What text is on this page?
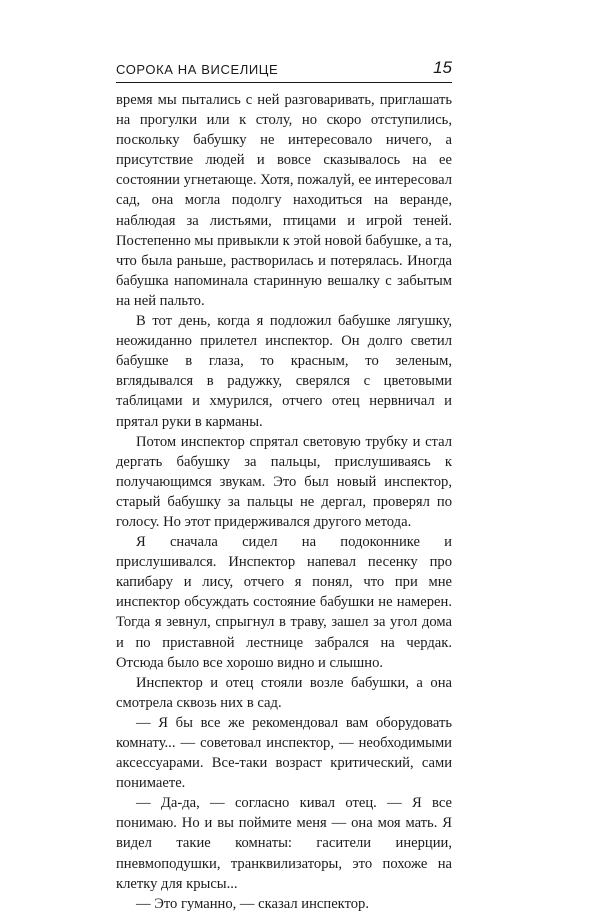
СОРОКА НА ВИСЕЛИЦЕ	15

время мы пытались с ней разговаривать, приглашать на прогулки или к столу, но скоро отступились, поскольку бабушку не интересовало ничего, а присутствие людей и вовсе сказывалось на ее состоянии угнетающе. Хотя, пожалуй, ее интересовал сад, она могла подолгу находиться на веранде, наблюдая за листьями, птицами и игрой теней. Постепенно мы привыкли к этой новой бабушке, а та, что была раньше, растворилась и потерялась. Иногда бабушка напоминала старинную вешалку с забытым на ней пальто.

В тот день, когда я подложил бабушке лягушку, неожиданно прилетел инспектор. Он долго светил бабушке в глаза, то красным, то зеленым, вглядывался в радужку, сверялся с цветовыми таблицами и хмурился, отчего отец нервничал и прятал руки в карманы.

Потом инспектор спрятал световую трубку и стал дергать бабушку за пальцы, прислушиваясь к получающимся звукам. Это был новый инспектор, старый бабушку за пальцы не дергал, проверял по голосу. Но этот придерживался другого метода.

Я сначала сидел на подоконнике и прислушивался. Инспектор напевал песенку про капибару и лису, отчего я понял, что при мне инспектор обсуждать состояние бабушки не намерен. Тогда я зевнул, спрыгнул в траву, зашел за угол дома и по приставной лестнице забрался на чердак. Отсюда было все хорошо видно и слышно.

Инспектор и отец стояли возле бабушки, а она смотрела сквозь них в сад.

— Я бы все же рекомендовал вам оборудовать комнату... — советовал инспектор, — необходимыми аксессуарами. Все-таки возраст критический, сами понимаете.

— Да-да, — согласно кивал отец. — Я все понимаю. Но и вы поймите меня — она моя мать. Я видел такие комнаты: гасители инерции, пневмоподушки, транквилизаторы, это похоже на клетку для крысы...

— Это гуманно, — сказал инспектор.
